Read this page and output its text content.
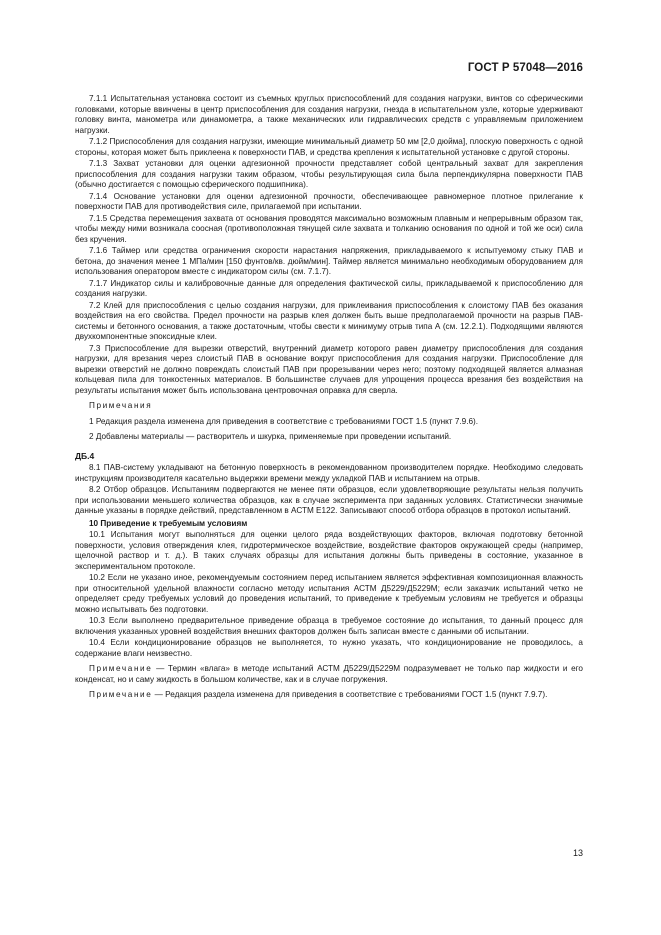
ГОСТ Р 57048—2016

7.1.1 Испытательная установка состоит из съемных круглых приспособлений для создания нагрузки, винтов со сферическими головками, которые ввинчены в центр приспособления для создания нагрузки, гнезда в испытательном узле, которые удерживают головку винта, манометра или динамометра, а также механических или гидравлических средств с управляемым приложением нагрузки.

7.1.2 Приспособления для создания нагрузки, имеющие минимальный диаметр 50 мм [2,0 дюйма], плоскую поверхность с одной стороны, которая может быть приклеена к поверхности ПАВ, и средства крепления к испытательной установке с другой стороны.

7.1.3 Захват установки для оценки адгезионной прочности представляет собой центральный захват для закрепления приспособления для создания нагрузки таким образом, чтобы результирующая сила была перпендикулярна поверхности ПАВ (обычно достигается с помощью сферического подшипника).

7.1.4 Основание установки для оценки адгезионной прочности, обеспечивающее равномерное плотное прилегание к поверхности ПАВ для противодействия силе, прилагаемой при испытании.

7.1.5 Средства перемещения захвата от основания проводятся максимально возможным плавным и непрерывным образом так, чтобы между ними возникала соосная (противоположная тянущей силе захвата и толканию основания по одной и той же оси) сила без кручения.

7.1.6 Таймер или средства ограничения скорости нарастания напряжения, прикладываемого к испытуемому стыку ПАВ и бетона, до значения менее 1 МПа/мин [150 фунтов/кв. дюйм/мин]. Таймер является минимально необходимым оборудованием для использования оператором вместе с индикатором силы (см. 7.1.7).

7.1.7 Индикатор силы и калибровочные данные для определения фактической силы, прикладываемой к приспособлению для создания нагрузки.

7.2 Клей для приспособления с целью создания нагрузки, для приклеивания приспособления к слоистому ПАВ без оказания воздействия на его свойства. Предел прочности на разрыв клея должен быть выше предполагаемой прочности на разрыв ПАВ-системы и бетонного основания, а также достаточным, чтобы свести к минимуму отрыв типа А (см. 12.2.1). Подходящими являются двухкомпонентные эпоксидные клеи.

7.3 Приспособление для вырезки отверстий, внутренний диаметр которого равен диаметру приспособления для создания нагрузки, для врезания через слоистый ПАВ в основание вокруг приспособления для создания нагрузки. Приспособление для вырезки отверстий не должно повреждать слоистый ПАВ при прорезывании через него; поэтому подходящей является алмазная кольцевая пила для тонкостенных материалов. В большинстве случаев для упрощения процесса врезания без воздействия на результаты испытания может быть использована центровочная оправка для сверла.

Примечания

1 Редакция раздела изменена для приведения в соответствие с требованиями ГОСТ 1.5 (пункт 7.9.6).

2 Добавлены материалы — растворитель и шкурка, применяемые при проведении испытаний.

ДБ.4

8.1 ПАВ-систему укладывают на бетонную поверхность в рекомендованном производителем порядке. Необходимо следовать инструкциям производителя касательно выдержки времени между укладкой ПАВ и испытанием на отрыв.

8.2 Отбор образцов. Испытаниям подвергаются не менее пяти образцов, если удовлетворяющие результаты нельзя получить при использовании меньшего количества образцов, как в случае эксперимента при заданных условиях. Статистически значимые данные указаны в порядке действий, представленном в АСТМ Е122. Записывают способ отбора образцов в протокол испытаний.

10 Приведение к требуемым условиям

10.1 Испытания могут выполняться для оценки целого ряда воздействующих факторов, включая подготовку бетонной поверхности, условия отверждения клея, гидротермическое воздействие, воздействие факторов окружающей среды (например, щелочной раствор и т. д.). В таких случаях образцы для испытания должны быть приведены в состояние, указанное в экспериментальном протоколе.

10.2 Если не указано иное, рекомендуемым состоянием перед испытанием является эффективная композиционная влажность при относительной удельной влажности согласно методу испытания АСТМ Д5229/Д5229М; если заказчик испытаний четко не определяет среду требуемых условий до проведения испытаний, то приведение к требуемым условиям не требуется и образцы можно испытывать без подготовки.

10.3 Если выполнено предварительное приведение образца в требуемое состояние до испытания, то данный процесс для включения указанных уровней воздействия внешних факторов должен быть записан вместе с данными об испытании.

10.4 Если кондиционирование образцов не выполняется, то нужно указать, что кондиционирование не проводилось, а содержание влаги неизвестно.

Примечание — Термин «влага» в методе испытаний АСТМ Д5229/Д5229М подразумевает не только пар жидкости и его конденсат, но и саму жидкость в большом количестве, как и в случае погружения.

Примечание — Редакция раздела изменена для приведения в соответствие с требованиями ГОСТ 1.5 (пункт 7.9.7).

13
